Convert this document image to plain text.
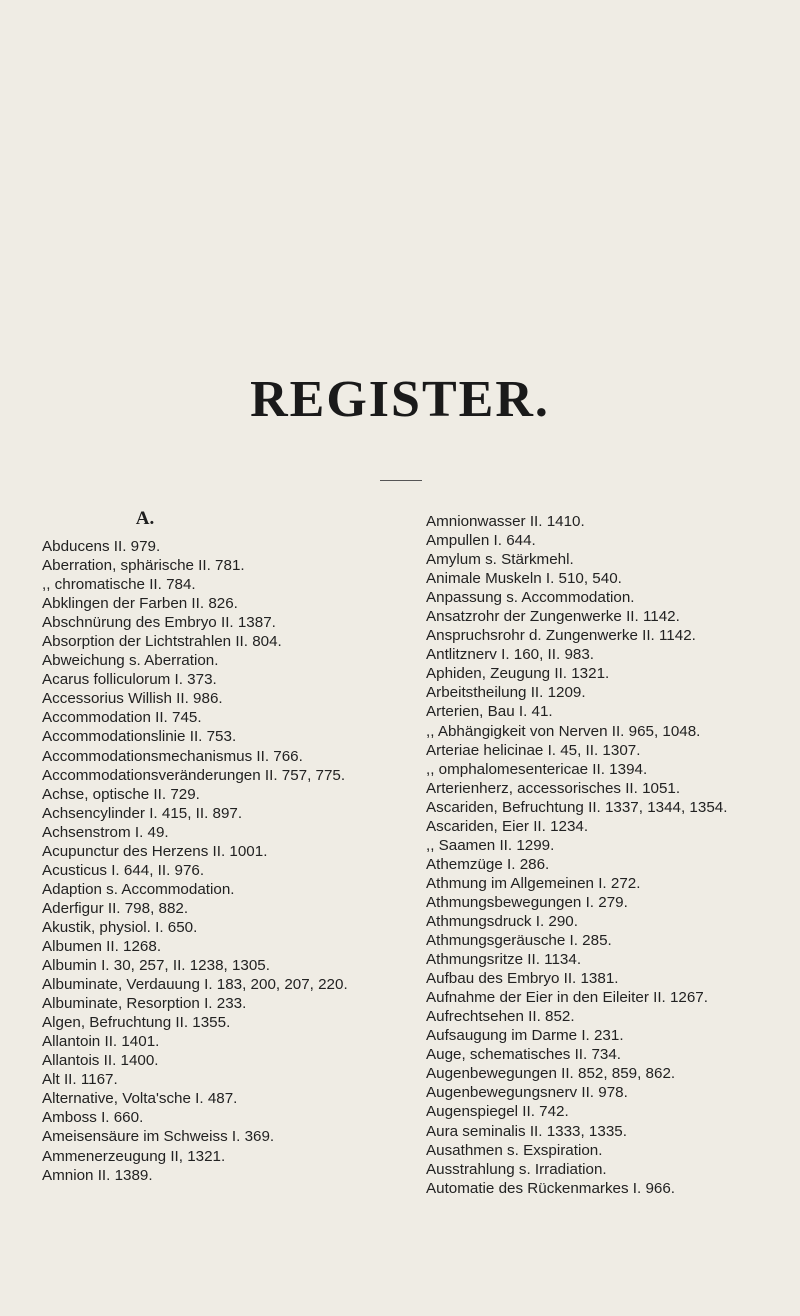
REGISTER.
A.
Abducens II. 979.
Aberration, sphärische II. 781.
,, chromatische II. 784.
Abklingen der Farben II. 826.
Abschnürung des Embryo II. 1387.
Absorption der Lichtstrahlen II. 804.
Abweichung s. Aberration.
Acarus folliculorum I. 373.
Accessorius Willish II. 986.
Accommodation II. 745.
Accommodationslinie II. 753.
Accommodationsmechanismus II. 766.
Accommodationsveränderungen II. 757, 775.
Achse, optische II. 729.
Achsencylinder I. 415, II. 897.
Achsenstrom I. 49.
Acupunctur des Herzens II. 1001.
Acusticus I. 644, II. 976.
Adaption s. Accommodation.
Aderfigur II. 798, 882.
Akustik, physiol. I. 650.
Albumen II. 1268.
Albumin I. 30, 257, II. 1238, 1305.
Albuminate, Verdauung I. 183, 200, 207, 220.
Albuminate, Resorption I. 233.
Algen, Befruchtung II. 1355.
Allantoin II. 1401.
Allantois II. 1400.
Alt II. 1167.
Alternative, Volta'sche I. 487.
Amboss I. 660.
Ameisensäure im Schweiss I. 369.
Ammenerzeugung II, 1321.
Amnion II. 1389.
Amnionwasser II. 1410.
Ampullen I. 644.
Amylum s. Stärkmehl.
Animale Muskeln I. 510, 540.
Anpassung s. Accommodation.
Ansatzrohr der Zungenwerke II. 1142.
Anspruchsrohr d. Zungenwerke II. 1142.
Antlitznerv I. 160, II. 983.
Aphiden, Zeugung II. 1321.
Arbeitstheilung II. 1209.
Arterien, Bau I. 41.
,, Abhängigkeit von Nerven II. 965, 1048.
Arteriae helicinae I. 45, II. 1307.
,, omphalomesentericae II. 1394.
Arterienherz, accessorisches II. 1051.
Ascariden, Befruchtung II. 1337, 1344, 1354.
Ascariden, Eier II. 1234.
,, Saamen II. 1299.
Athemzüge I. 286.
Athmung im Allgemeinen I. 272.
Athmungsbewegungen I. 279.
Athmungsdruck I. 290.
Athmungsgeräusche I. 285.
Athmungsritze II. 1134.
Aufbau des Embryo II. 1381.
Aufnahme der Eier in den Eileiter II. 1267.
Aufrechtsehen II. 852.
Aufsaugung im Darme I. 231.
Auge, schematisches II. 734.
Augenbewegungen II. 852, 859, 862.
Augenbewegungsnerv II. 978.
Augenspiegel II. 742.
Aura seminalis II. 1333, 1335.
Ausathmen s. Exspiration.
Ausstrahlung s. Irradiation.
Automatie des Rückenmarkes I. 966.
